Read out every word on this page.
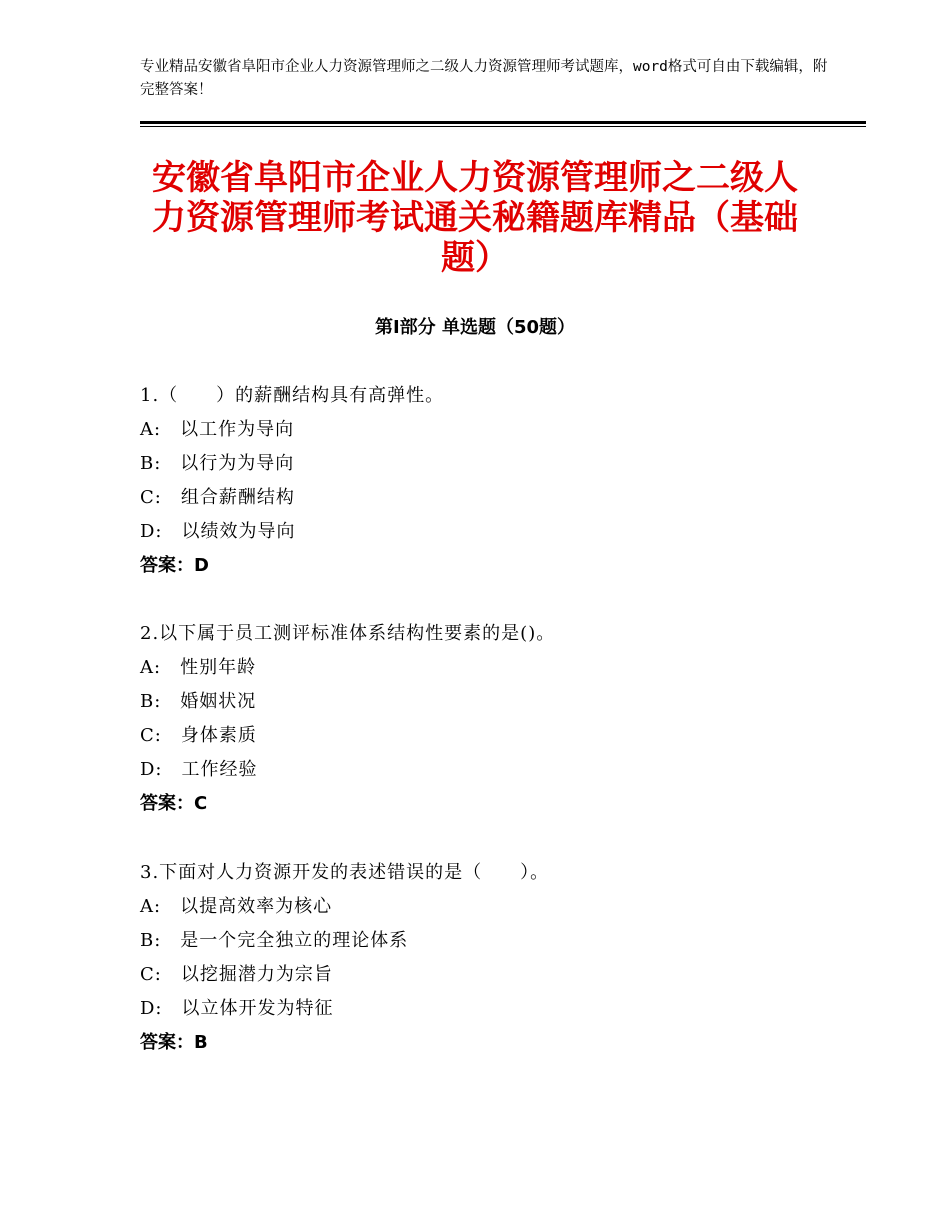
专业精品安徽省阜阳市企业人力资源管理师之二级人力资源管理师考试题库，word格式可自由下载编辑，附完整答案！
安徽省阜阳市企业人力资源管理师之二级人力资源管理师考试通关秘籍题库精品（基础题）
第Ⅰ部分 单选题（50题）
1.（　　）的薪酬结构具有高弹性。
A:　以工作为导向
B:　以行为为导向
C:　组合薪酬结构
D:　以绩效为导向
答案：D
2.以下属于员工测评标准体系结构性要素的是()。
A:　性别年龄
B:　婚姻状况
C:　身体素质
D:　工作经验
答案：C
3.下面对人力资源开发的表述错误的是（　　）。
A:　以提高效率为核心
B:　是一个完全独立的理论体系
C:　以挖掘潜力为宗旨
D:　以立体开发为特征
答案：B
